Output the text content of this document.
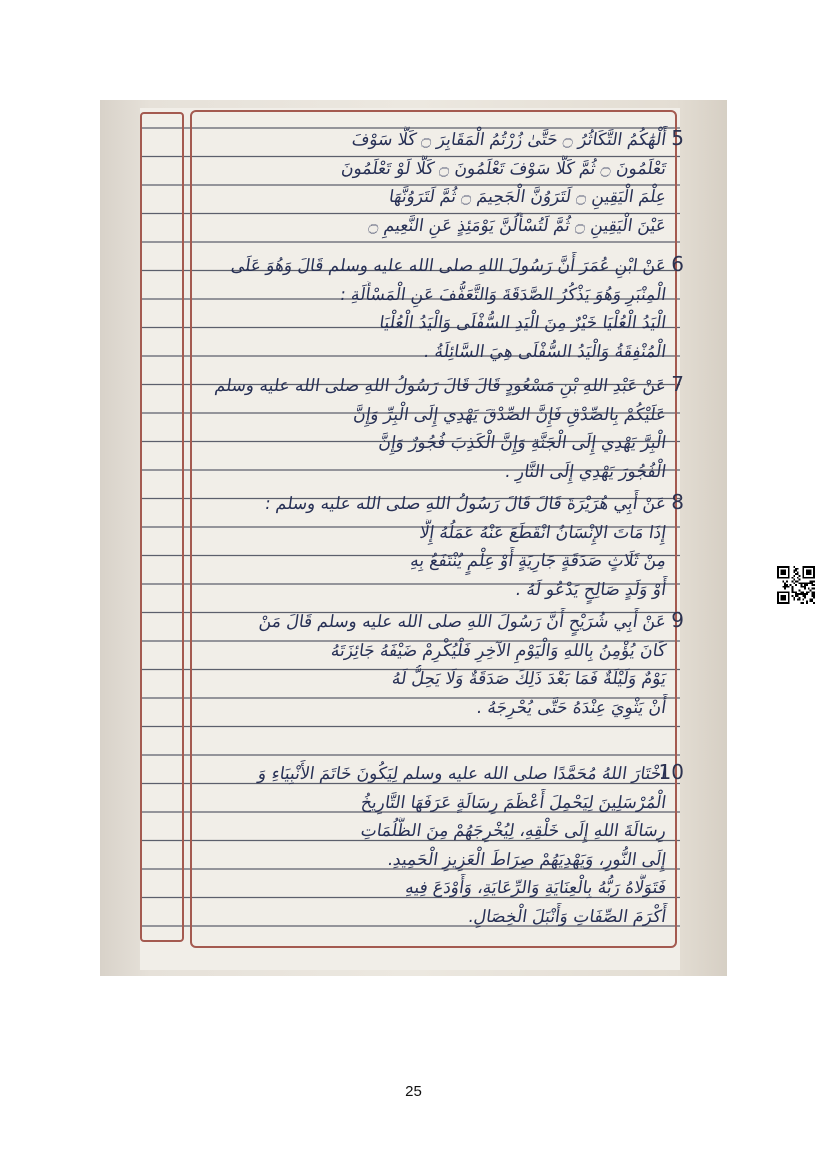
5
أَلْهَٰكُمُ التَّكَاثُرُ ۝ حَتَّىٰ زُرْتُمُ الْمَقَابِرَ ۝ كَلَّا سَوْفَ
تَعْلَمُونَ ۝ ثُمَّ كَلَّا سَوْفَ تَعْلَمُونَ ۝ كَلَّا لَوْ تَعْلَمُونَ
عِلْمَ الْيَقِينِ ۝ لَتَرَوُنَّ الْجَحِيمَ ۝ ثُمَّ لَتَرَوُنَّهَا
عَيْنَ الْيَقِينِ ۝ ثُمَّ لَتُسْأَلُنَّ يَوْمَئِذٍ عَنِ النَّعِيمِ ۝
6
عَنْ ابْنِ عُمَرَ أَنَّ رَسُولَ اللهِ صلى الله عليه وسلم قَالَ وَهُوَ عَلَى
الْمِنْبَرِ وَهُوَ يَذْكُرُ الصَّدَقَةَ وَالتَّعَفُّفَ عَنِ الْمَسْأَلَةِ :
الْيَدُ الْعُلْيَا خَيْرٌ مِنَ الْيَدِ السُّفْلَى وَالْيَدُ الْعُلْيَا
الْمُنْفِقَةُ وَالْيَدُ السُّفْلَى هِيَ السَّائِلَةُ .
7
عَنْ عَبْدِ اللهِ بْنِ مَسْعُودٍ قَالَ قَالَ رَسُولُ اللهِ صلى الله عليه وسلم
عَلَيْكُمْ بِالصِّدْقِ فَإِنَّ الصِّدْقَ يَهْدِي إِلَى الْبِرِّ وَإِنَّ
الْبِرَّ يَهْدِي إِلَى الْجَنَّةِ وَإِنَّ الْكَذِبَ فُجُورٌ وَإِنَّ
الْفُجُورَ يَهْدِي إِلَى النَّارِ .
8
عَنْ أَبِي هُرَيْرَةَ قَالَ قَالَ رَسُولُ اللهِ صلى الله عليه وسلم :
إِذَا مَاتَ الإِنْسَانُ انْقَطَعَ عَنْهُ عَمَلُهُ إِلَّا
مِنْ ثَلَاثٍ صَدَقَةٍ جَارِيَةٍ أَوْ عِلْمٍ يُنْتَفَعُ بِهِ
أَوْ وَلَدٍ صَالِحٍ يَدْعُو لَهُ .
9
عَنْ أَبِي شُرَيْحٍ أَنَّ رَسُولَ اللهِ صلى الله عليه وسلم قَالَ مَنْ
كَانَ يُؤْمِنُ بِاللهِ وَالْيَوْمِ الآخِرِ فَلْيُكْرِمْ ضَيْفَهُ جَائِزَتَهُ
يَوْمٌ وَلَيْلَةٌ فَمَا بَعْدَ ذَلِكَ صَدَقَةٌ وَلَا يَحِلُّ لَهُ
أَنْ يَثْوِيَ عِنْدَهُ حَتَّى يُحْرِجَهُ .
10
اخْتَارَ اللهُ مُحَمَّدًا صلى الله عليه وسلم لِيَكُونَ خَاتَمَ الأَنْبِيَاءِ وَ
الْمُرْسَلِينَ لِيَحْمِلَ أَعْظَمَ رِسَالَةٍ عَرَفَهَا التَّارِيخُ
رِسَالَةَ اللهِ إِلَى خَلْقِهِ، لِيُخْرِجَهُمْ مِنَ الظُّلُمَاتِ
إِلَى النُّورِ، وَيَهْدِيَهُمْ صِرَاطَ الْعَزِيزِ الْحَمِيدِ.
فَتَوَلَّاهُ رَبُّهُ بِالْعِنَايَةِ وَالرِّعَايَةِ، وَأَوْدَعَ فِيهِ
أَكْرَمَ الصِّفَاتِ وَأَنْبَلَ الْخِصَالِ.
25
